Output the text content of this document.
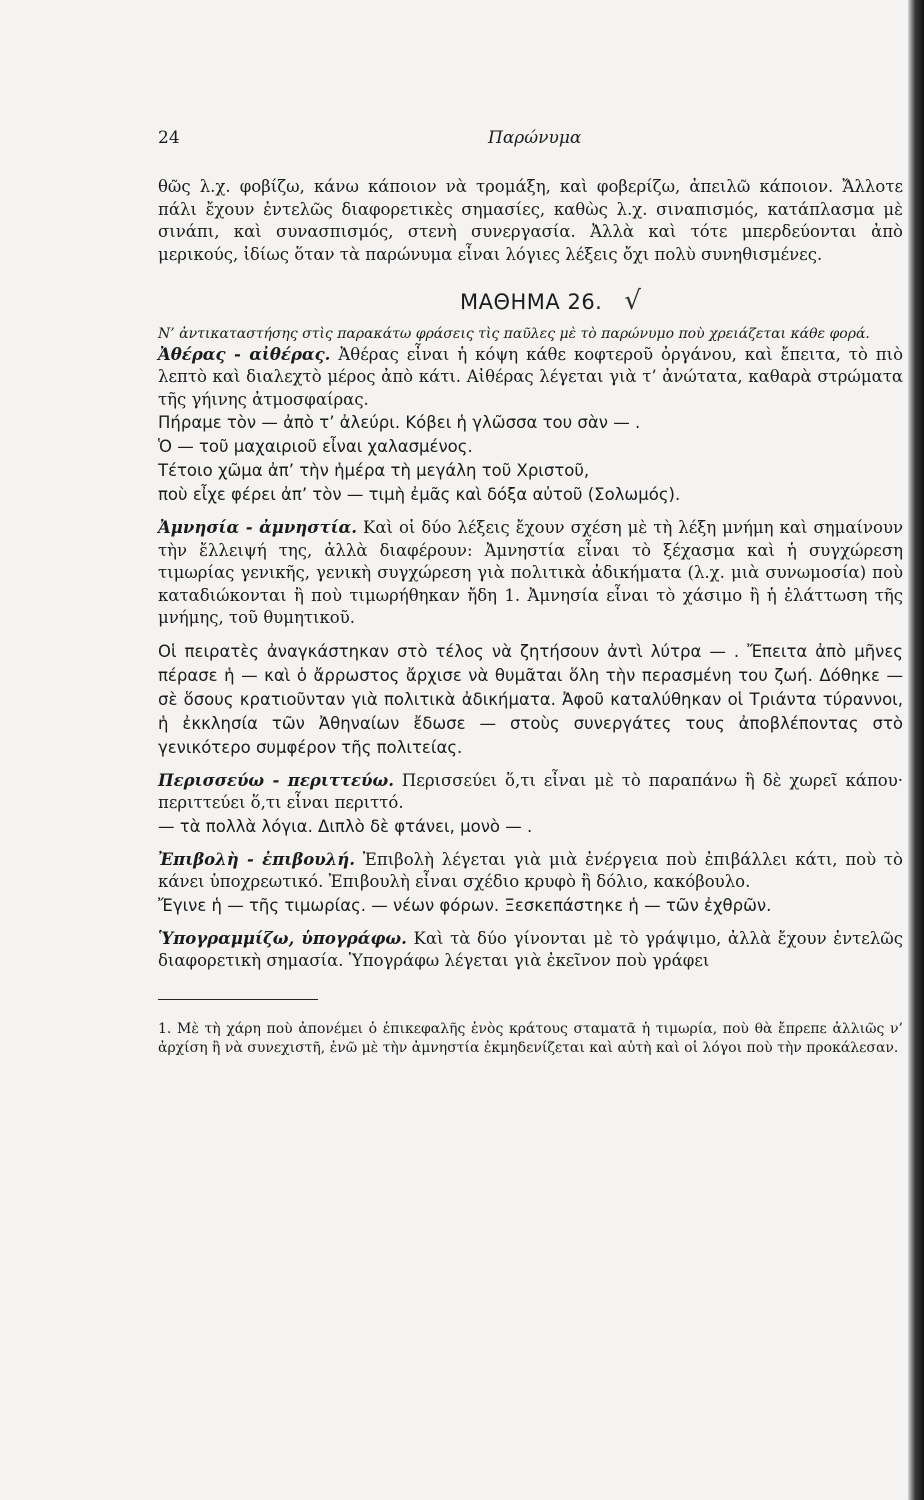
24	Παρώνυμα

θῶς λ.χ. φοβίζω, κάνω κάποιον νὰ τρομάξη, καὶ φοβερίζω, ἀπειλῶ κάποιον. Ἄλλοτε πάλι ἔχουν ἐντελῶς διαφορετικὲς σημασίες, καθὼς λ.χ. σιναπισμός, κατάπλασμα μὲ σινάπι, καὶ συνασπισμός, στενὴ συνεργασία. Ἀλλὰ καὶ τότε μπερδεύονται ἀπὸ μερικούς, ἰδίως ὅταν τὰ παρώνυμα εἶναι λόγιες λέξεις ὄχι πολὺ συνηθισμένες.

ΜΑΘΗΜΑ 26. √

Ν’ ἀντικαταστήσης στὶς παρακάτω φράσεις τὶς παῦλες μὲ τὸ παρώνυμο ποὺ χρειάζεται κάθε φορά.

Ἀθέρας - αἰθέρας. Ἀθέρας εἶναι ἡ κόψη κάθε κοφτεροῦ ὀργάνου, καὶ ἔπειτα, τὸ πιὸ λεπτὸ καὶ διαλεχτὸ μέρος ἀπὸ κάτι. Αἰθέρας λέγεται γιὰ τ’ ἀνώτατα, καθαρὰ στρώματα τῆς γήινης ἀτμοσφαίρας.

Πήραμε τὸν — ἀπὸ τ’ ἀλεύρι. Κόβει ἡ γλῶσσα του σὰν — .

Ὁ — τοῦ μαχαιριοῦ εἶναι χαλασμένος.

Τέτοιο χῶμα ἀπ’ τὴν ἡμέρα τὴ μεγάλη τοῦ Χριστοῦ,

ποὺ εἶχε φέρει ἀπ’ τὸν — τιμὴ ἐμᾶς καὶ δόξα αὐτοῦ (Σολωμός).

Ἀμνησία - ἀμνηστία. Καὶ οἱ δύο λέξεις ἔχουν σχέση μὲ τὴ λέξη μνήμη καὶ σημαίνουν τὴν ἔλλειψή της, ἀλλὰ διαφέρουν: Ἀμνηστία εἶναι τὸ ξέχασμα καὶ ἡ συγχώρεση τιμωρίας γενικῆς, γενικὴ συγχώρεση γιὰ πολιτικὰ ἀδικήματα (λ.χ. μιὰ συνωμοσία) ποὺ καταδιώκονται ἢ ποὺ τιμωρήθηκαν ἤδη 1. Ἀμνησία εἶναι τὸ χάσιμο ἢ ἡ ἐλάττωση τῆς μνήμης, τοῦ θυμητικοῦ.

Οἱ πειρατὲς ἀναγκάστηκαν στὸ τέλος νὰ ζητήσουν ἀντὶ λύτρα — . Ἔπειτα ἀπὸ μῆνες πέρασε ἡ — καὶ ὁ ἄρρωστος ἄρχισε νὰ θυμᾶται ὅλη τὴν περασμένη του ζωή. Δόθηκε — σὲ ὅσους κρατιοῦνταν γιὰ πολιτικὰ ἀδικήματα. Ἀφοῦ καταλύθηκαν οἱ Τριάντα τύραννοι, ἡ ἐκκλησία τῶν Ἀθηναίων ἔδωσε — στοὺς συνεργάτες τους ἀποβλέποντας στὸ γενικότερο συμφέρον τῆς πολιτείας.

Περισσεύω - περιττεύω. Περισσεύει ὅ,τι εἶναι μὲ τὸ παραπάνω ἢ δὲ χωρεῖ κάπου· περιττεύει ὅ,τι εἶναι περιττό.

— τὰ πολλὰ λόγια. Διπλὸ δὲ φτάνει, μονὸ — .

Ἐπιβολὴ - ἐπιβουλή. Ἐπιβολὴ λέγεται γιὰ μιὰ ἐνέργεια ποὺ ἐπιβάλλει κάτι, ποὺ τὸ κάνει ὑποχρεωτικό. Ἐπιβουλὴ εἶναι σχέδιο κρυφὸ ἢ δόλιο, κακόβουλο.

Ἔγινε ἡ — τῆς τιμωρίας. — νέων φόρων. Ξεσκεπάστηκε ἡ — τῶν ἐχθρῶν.

Ὑπογραμμίζω, ὑπογράφω. Καὶ τὰ δύο γίνονται μὲ τὸ γράψιμο, ἀλλὰ ἔχουν ἐντελῶς διαφορετικὴ σημασία. Ὑπογράφω λέγεται γιὰ ἐκεῖνον ποὺ γράφει

1. Μὲ τὴ χάρη ποὺ ἀπονέμει ὁ ἐπικεφαλῆς ἑνὸς κράτους σταματᾶ ἡ τιμωρία, ποὺ θὰ ἔπρεπε ἀλλιῶς ν’ ἀρχίση ἢ νὰ συνεχιστῆ, ἐνῶ μὲ τὴν ἀμνηστία ἐκμηδενίζεται καὶ αὐτὴ καὶ οἱ λόγοι ποὺ τὴν προκάλεσαν.
